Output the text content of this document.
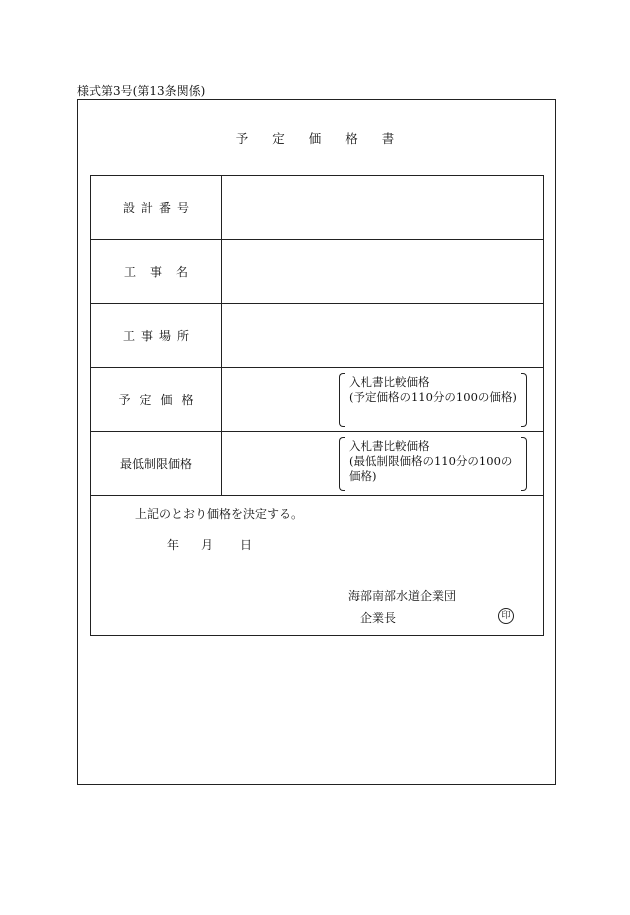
様式第3号(第13条関係)
予定価格書
設計番号
工事名
工事場所
予定価格
入札書比較価格
(予定価格の110分の100の価格)
最低制限価格
入札書比較価格
(最低制限価格の110分の100の価格)
上記のとおり価格を決定する。
年 月 日
海部南部水道企業団
企業長	印
